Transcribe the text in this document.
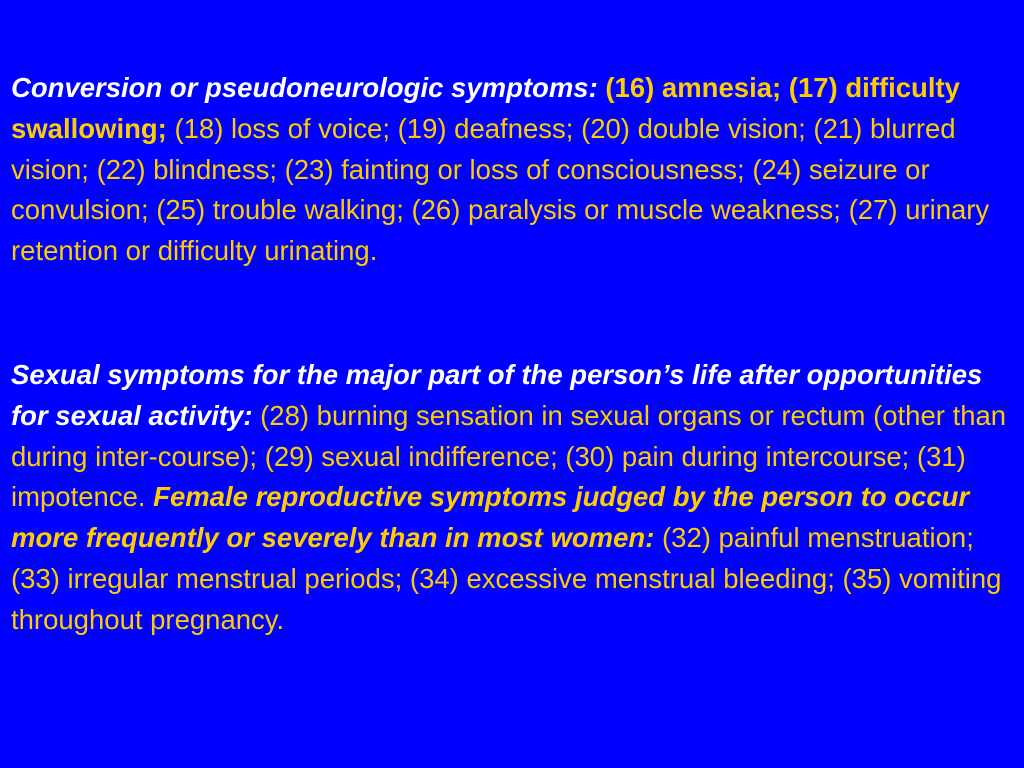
Conversion or pseudoneurologic symptoms: (16) amnesia; (17) difficulty swallowing; (18) loss of voice; (19) deafness; (20) double vision; (21) blurred vision; (22) blindness; (23) fainting or loss of consciousness; (24) seizure or convulsion; (25) trouble walking; (26) paralysis or muscle weakness; (27) urinary retention or difficulty urinating.

Sexual symptoms for the major part of the person’s life after opportunities for sexual activity: (28) burning sensation in sexual organs or rectum (other than during inter-course); (29) sexual indifference; (30) pain during intercourse; (31) impotence. Female reproductive symptoms judged by the person to occur more frequently or severely than in most women: (32) painful menstruation; (33) irregular menstrual periods; (34) excessive menstrual bleeding; (35) vomiting throughout pregnancy.
